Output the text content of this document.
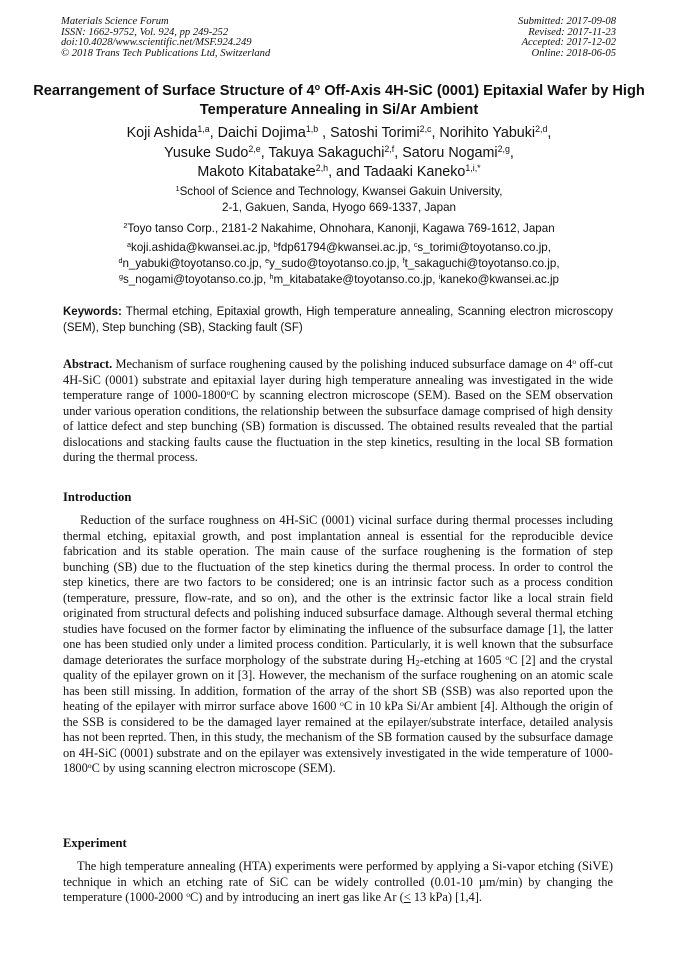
Materials Science Forum
ISSN: 1662-9752, Vol. 924, pp 249-252
doi:10.4028/www.scientific.net/MSF.924.249
© 2018 Trans Tech Publications Ltd, Switzerland
Submitted: 2017-09-08
Revised: 2017-11-23
Accepted: 2017-12-02
Online: 2018-06-05
Rearrangement of Surface Structure of 4$^o$ Off-Axis 4H-SiC (0001) Epitaxial Wafer by High Temperature Annealing in Si/Ar Ambient
Koji Ashida$^{1,a}$, Daichi Dojima$^{1,b}$ , Satoshi Torimi$^{2,c}$, Norihito Yabuki$^{2,d}$,
Yusuke Sudo$^{2,e}$, Takuya Sakaguchi$^{2,f}$, Satoru Nogami$^{2,g}$,
Makoto Kitabatake$^{2,h}$, and Tadaaki Kaneko$^{1,i,*}$
$^1$School of Science and Technology, Kwansei Gakuin University,
2-1, Gakuen, Sanda, Hyogo 669-1337, Japan
$^2$Toyo tanso Corp., 2181-2 Nakahime, Ohnohara, Kanonji, Kagawa 769-1612, Japan
$^a$koji.ashida@kwansei.ac.jp, $^b$fdp61794@kwansei.ac.jp, $^c$s_torimi@toyotanso.co.jp,
$^d$n_yabuki@toyotanso.co.jp, $^e$y_sudo@toyotanso.co.jp, $^f$t_sakaguchi@toyotanso.co.jp,
$^g$s_nogami@toyotanso.co.jp, $^h$m_kitabatake@toyotanso.co.jp, $^i$kaneko@kwansei.ac.jp
Keywords: Thermal etching, Epitaxial growth, High temperature annealing, Scanning electron microscopy (SEM), Step bunching (SB), Stacking fault (SF)
Abstract. Mechanism of surface roughening caused by the polishing induced subsurface damage on 4$^o$ off-cut 4H-SiC (0001) substrate and epitaxial layer during high temperature annealing was investigated in the wide temperature range of 1000-1800$^o$C by scanning electron microscope (SEM). Based on the SEM observation under various operation conditions, the relationship between the subsurface damage comprised of high density of lattice defect and step bunching (SB) formation is discussed. The obtained results revealed that the partial dislocations and stacking faults cause the fluctuation in the step kinetics, resulting in the local SB formation during the thermal process.
Introduction
Reduction of the surface roughness on 4H-SiC (0001) vicinal surface during thermal processes including thermal etching, epitaxial growth, and post implantation anneal is essential for the reproducible device fabrication and its stable operation. The main cause of the surface roughening is the formation of step bunching (SB) due to the fluctuation of the step kinetics during the thermal process. In order to control the step kinetics, there are two factors to be considered; one is an intrinsic factor such as a process condition (temperature, pressure, flow-rate, and so on), and the other is the extrinsic factor like a local strain field originated from structural defects and polishing induced subsurface damage. Although several thermal etching studies have focused on the former factor by eliminating the influence of the subsurface damage [1], the latter one has been studied only under a limited process condition. Particularly, it is well known that the subsurface damage deteriorates the surface morphology of the substrate during $H_2$-etching at 1605 $^o$C [2] and the crystal quality of the epilayer grown on it [3]. However, the mechanism of the surface roughening on an atomic scale has been still missing. In addition, formation of the array of the short SB (SSB) was also reported upon the heating of the epilayer with mirror surface above 1600 $^o$C in 10 kPa Si/Ar ambient [4]. Although the origin of the SSB is considered to be the damaged layer remained at the epilayer/substrate interface, detailed analysis has not been reprted. Then, in this study, the mechanism of the SB formation caused by the subsurface damage on 4H-SiC (0001) substrate and on the epilayer was extensively investigated in the wide temperature of 1000-1800$^o$C by using scanning electron microscope (SEM).
Experiment
The high temperature annealing (HTA) experiments were performed by applying a Si-vapor etching (SiVE) technique in which an etching rate of SiC can be widely controlled (0.01-10 µm/min) by changing the temperature (1000-2000 $^o$C) and by introducing an inert gas like Ar (< 13 kPa) [1,4].
